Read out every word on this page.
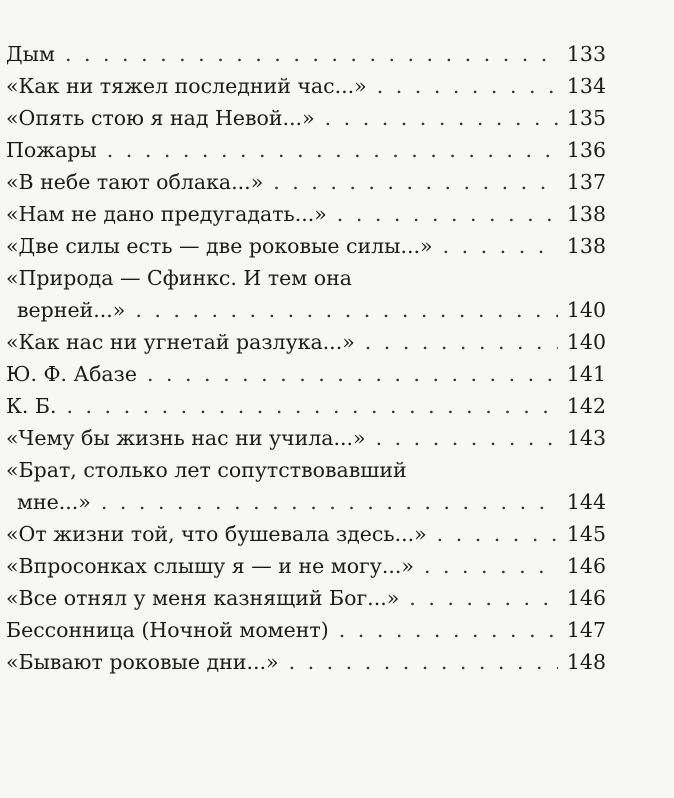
Дым . . .	133
«Как ни тяжел последний час...» . . .	134
«Опять стою я над Невой...» . . .	135
Пожары . . .	136
«В небе тают облака...» . . .	137
«Нам не дано предугадать...» . . .	138
«Две силы есть — две роковые силы...» . . .	138
«Природа — Сфинкс. И тем она
верней...» . . .	140
«Как нас ни угнетай разлука...» . . .	140
Ю. Ф. Абазе . . .	141
К. Б. . . .	142
«Чему бы жизнь нас ни учила...» . . .	143
«Брат, столько лет сопутствовавший
мне...» . . .	144
«От жизни той, что бушевала здесь...» . . .	145
«Впросонках слышу я — и не могу...» . . .	146
«Все отнял у меня казнящий Бог...» . . .	146
Бессонница (Ночной момент) . . .	147
«Бывают роковые дни...» . . .	148
